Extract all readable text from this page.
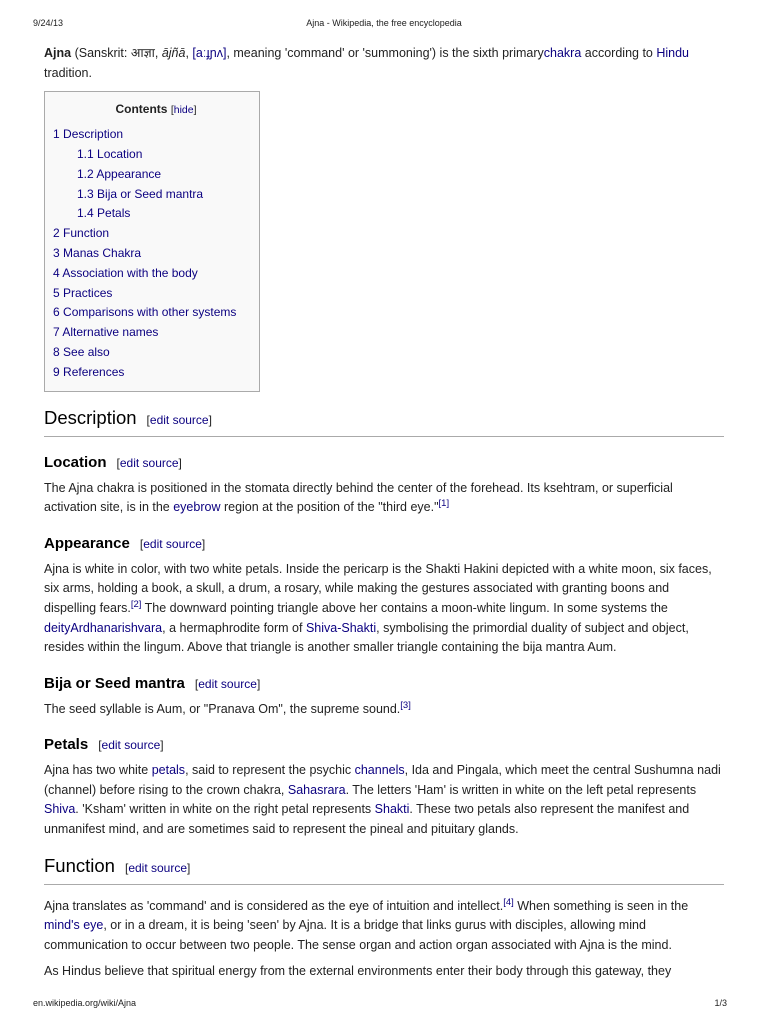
9/24/13	Ajna - Wikipedia, the free encyclopedia

Ajna (Sanskrit: आज्ञा, ājñā, [aːɟɲʌ], meaning 'command' or 'summoning') is the sixth primarychakra according to Hindu tradition.

Contents [hide]
1 Description
1.1 Location
1.2 Appearance
1.3 Bija or Seed mantra
1.4 Petals
2 Function
3 Manas Chakra
4 Association with the body
5 Practices
6 Comparisons with other systems
7 Alternative names
8 See also
9 References
Description [edit source]
Location [edit source]

The Ajna chakra is positioned in the stomata directly behind the center of the forehead. Its ksehtram, or superficial activation site, is in the eyebrow region at the position of the "third eye."[1]

Appearance [edit source]

Ajna is white in color, with two white petals. Inside the pericarp is the Shakti Hakini depicted with a white moon, six faces, six arms, holding a book, a skull, a drum, a rosary, while making the gestures associated with granting boons and dispelling fears.[2] The downward pointing triangle above her contains a moon-white lingum. In some systems the deityArdhanarishvara, a hermaphrodite form of Shiva-Shakti, symbolising the primordial duality of subject and object, resides within the lingum. Above that triangle is another smaller triangle containing the bija mantra Aum.

Bija or Seed mantra [edit source]

The seed syllable is Aum, or "Pranava Om", the supreme sound.[3]

Petals [edit source]

Ajna has two white petals, said to represent the psychic channels, Ida and Pingala, which meet the central Sushumna nadi (channel) before rising to the crown chakra, Sahasrara. The letters 'Ham' is written in white on the left petal represents Shiva. 'Ksham' written in white on the right petal represents Shakti. These two petals also represent the manifest and unmanifest mind, and are sometimes said to represent the pineal and pituitary glands.

Function [edit source]

Ajna translates as 'command' and is considered as the eye of intuition and intellect.[4] When something is seen in the mind's eye, or in a dream, it is being 'seen' by Ajna. It is a bridge that links gurus with disciples, allowing mind communication to occur between two people. The sense organ and action organ associated with Ajna is the mind.

As Hindus believe that spiritual energy from the external environments enter their body through this gateway, they

en.wikipedia.org/wiki/Ajna	1/3
